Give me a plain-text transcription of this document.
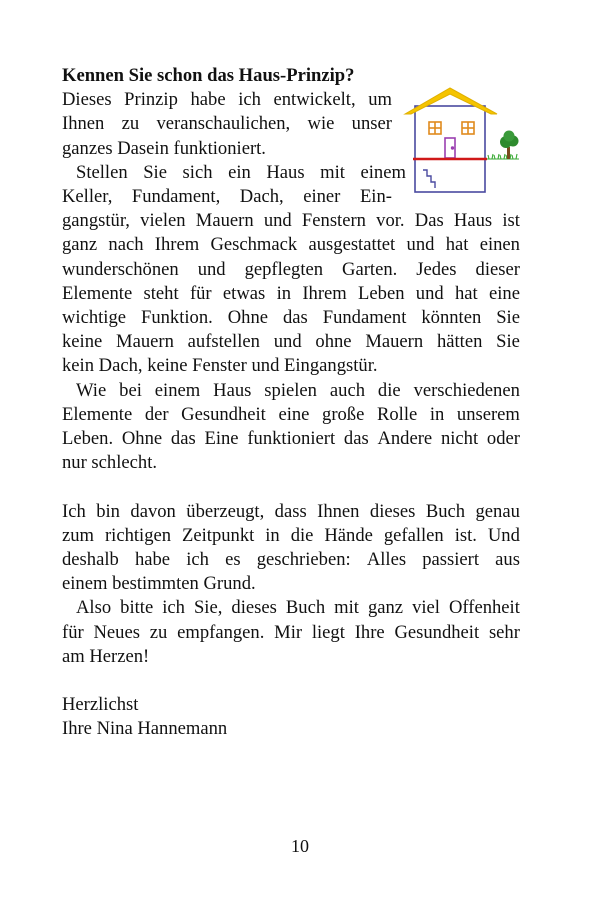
Kennen Sie schon das Haus-Prinzip?
Dieses Prinzip habe ich entwickelt, um
Ihnen zu veranschaulichen, wie unser
ganzes Dasein funktioniert.
Stellen Sie sich ein Haus mit einem
Keller, Fundament, Dach, einer Ein-
gangstür, vielen Mauern und Fenstern vor. Das Haus ist
ganz nach Ihrem Geschmack ausgestattet und hat einen
wunderschönen und gepflegten Garten. Jedes dieser
Elemente steht für etwas in Ihrem Leben und hat eine
wichtige Funktion. Ohne das Fundament könnten Sie
keine Mauern aufstellen und ohne Mauern hätten Sie
kein Dach, keine Fenster und Eingangstür.
Wie bei einem Haus spielen auch die verschiedenen
Elemente der Gesundheit eine große Rolle in unserem
Leben. Ohne das Eine funktioniert das Andere nicht oder
nur schlecht.
Ich bin davon überzeugt, dass Ihnen dieses Buch genau
zum richtigen Zeitpunkt in die Hände gefallen ist. Und
deshalb habe ich es geschrieben: Alles passiert aus
einem bestimmten Grund.
Also bitte ich Sie, dieses Buch mit ganz viel Offenheit
für Neues zu empfangen. Mir liegt Ihre Gesundheit sehr
am Herzen!
Herzlichst
Ihre Nina Hannemann
10
